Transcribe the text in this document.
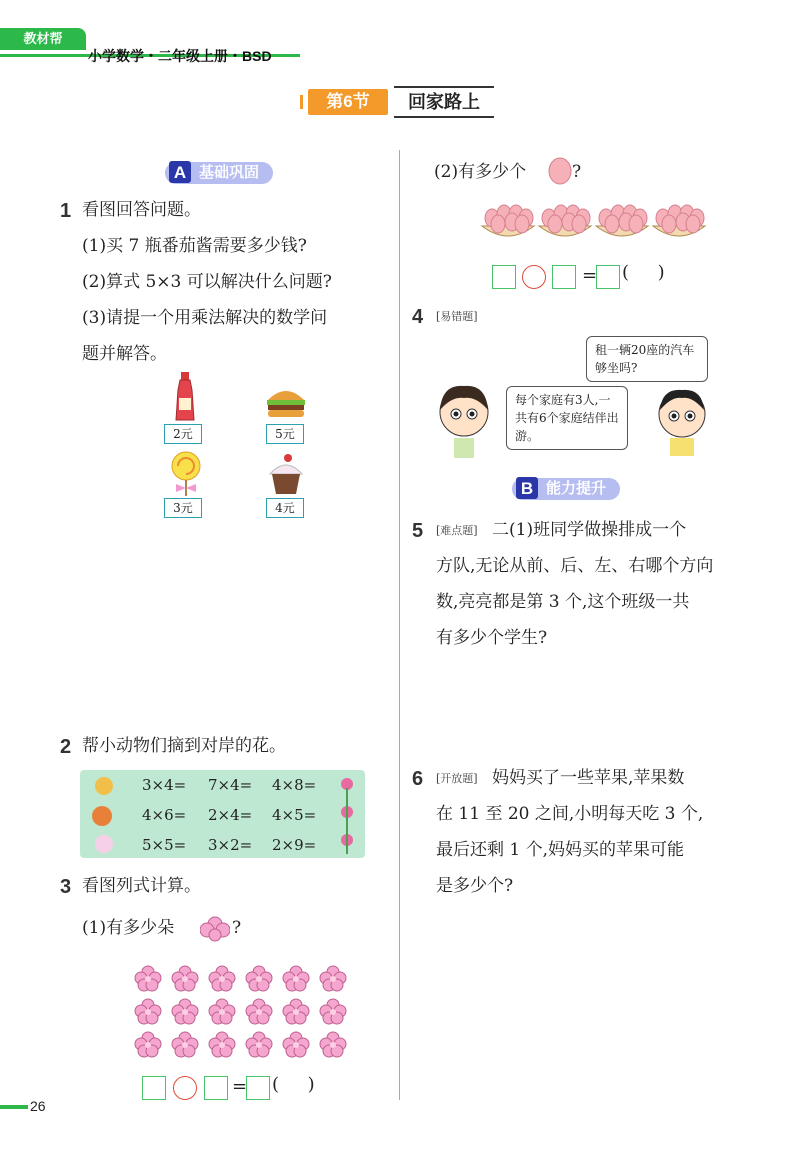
教材帮
小学数学・二年级上册・BSD
第6节	回家路上
A 基础巩固
1 看图回答问题。
(1)买 7 瓶番茄酱需要多少钱?
(2)算式 5×3 可以解决什么问题?
(3)请提一个用乘法解决的数学问
题并解答。
2元	5元
3元	4元
2 帮小动物们摘到对岸的花。
3×4= 7×4= 4×8=
4×6= 2×4= 4×5=
5×5= 3×2= 2×9=
3 看图列式计算。
(1)有多少朵	?
= (     )
(2)有多少个	?
= (     )
4 [易错题]
租一辆20座的汽车够坐吗?
每个家庭有3人,一共有6个家庭结伴出游。
B 能力提升
5 [难点题] 二(1)班同学做操排成一个
方队,无论从前、后、左、右哪个方向
数,亮亮都是第 3 个,这个班级一共
有多少个学生?
6 [开放题] 妈妈买了一些苹果,苹果数
在 11 至 20 之间,小明每天吃 3 个,
最后还剩 1 个,妈妈买的苹果可能
是多少个?
26
